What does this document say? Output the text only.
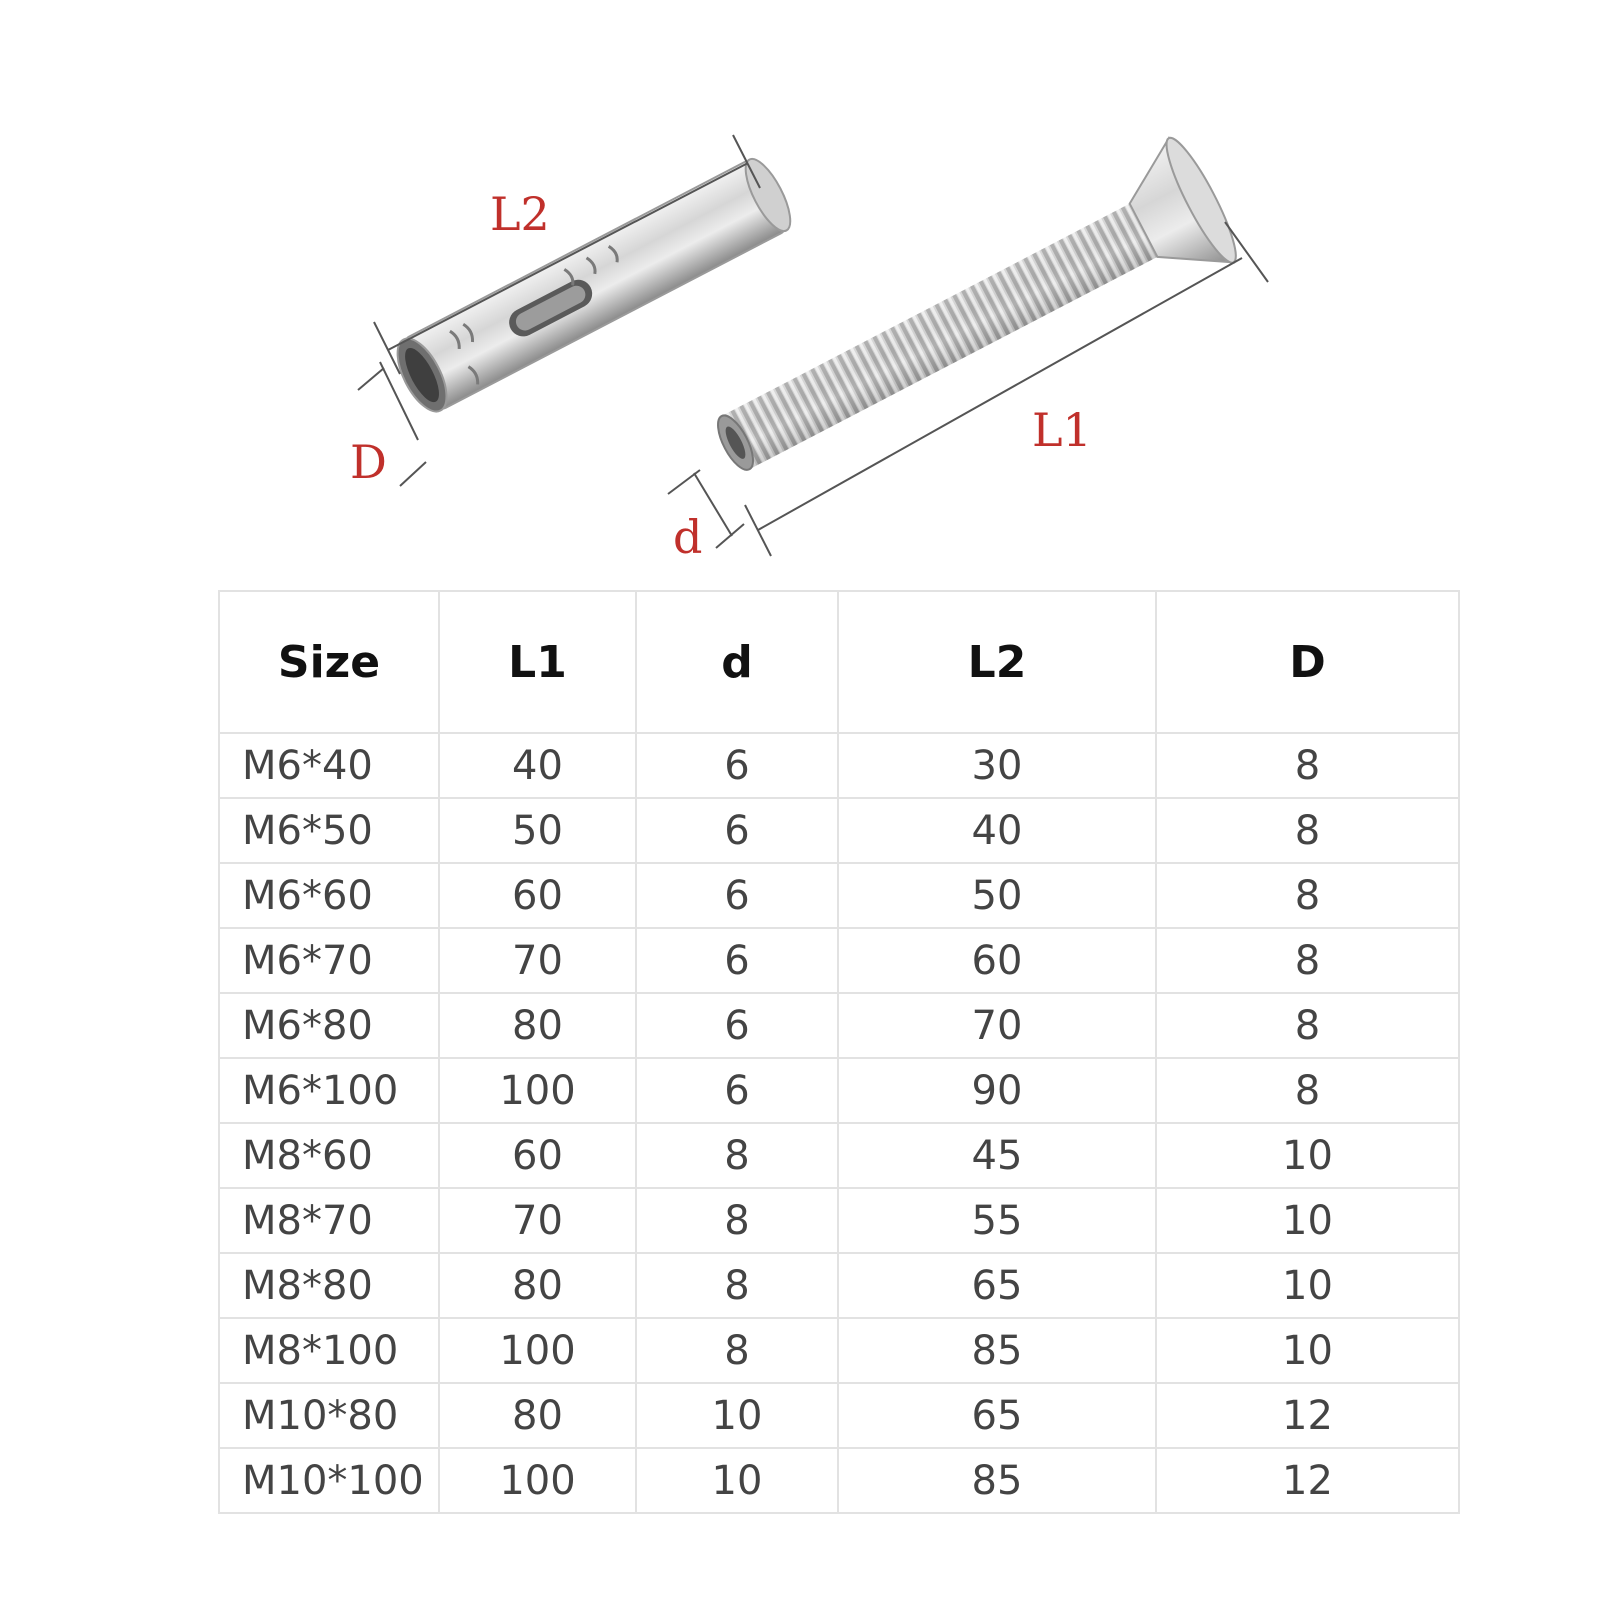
L2
D
L1
d
Size	L1	d	L2	D
M6*40	40	6	30	8
M6*50	50	6	40	8
M6*60	60	6	50	8
M6*70	70	6	60	8
M6*80	80	6	70	8
M6*100	100	6	90	8
M8*60	60	8	45	10
M8*70	70	8	55	10
M8*80	80	8	65	10
M8*100	100	8	85	10
M10*80	80	10	65	12
M10*100	100	10	85	12
